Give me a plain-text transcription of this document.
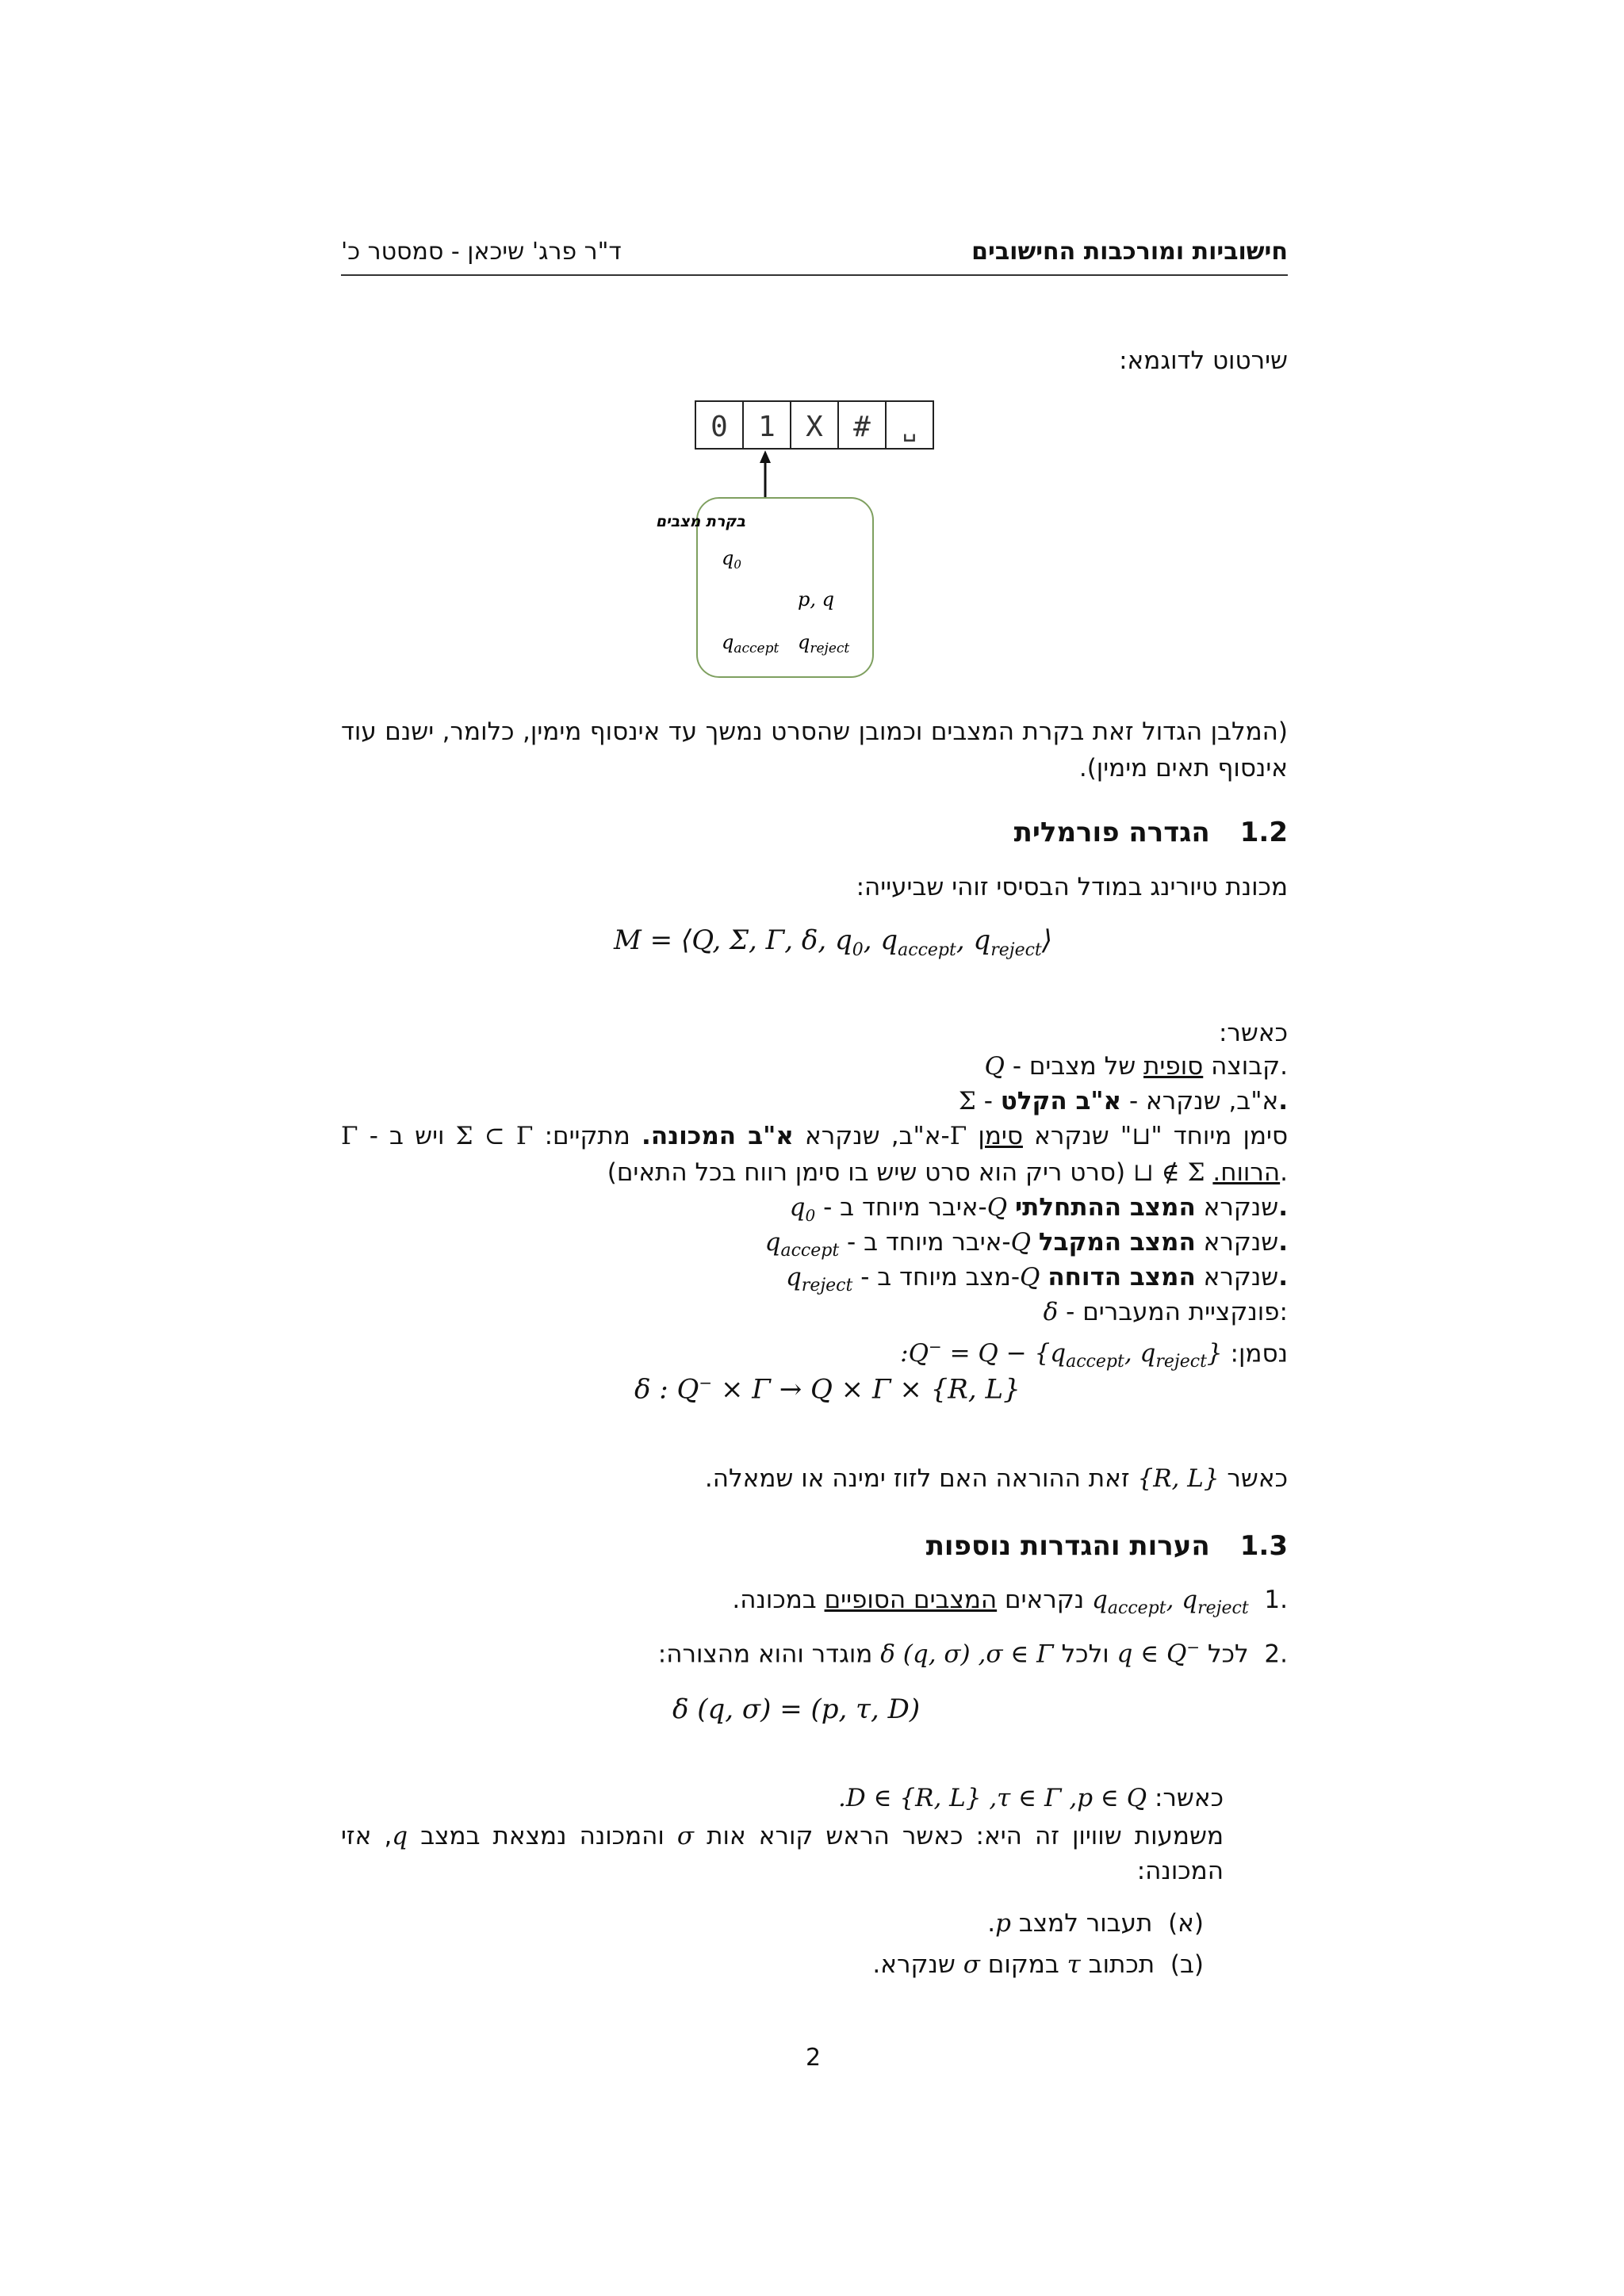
חישוביות ומורכבות החישובים
ד"ר פרג' שיכאן - סמסטר כ'
שירטוט לדוגמא:
0 1 X # ␣
בקרת מצבים
$q_0$
p, q
$q_{accept}$ $q_{reject}$
(המלבן הגדול זאת בקרת המצבים וכמובן שהסרט נמשך עד אינסוף מימין, כלומר, ישנם עוד אינסוף תאים מימין).
1.2הגדרה פורמלית
מכונת טיורינג במודל הבסיסי זוהי שביעייה:
M = ⟨Q, Σ, Γ, δ, $q_0$, $q_{accept}$, $q_{reject}⟩$
כאשר:
Q - קבוצה סופית של מצבים.
Σ - א"ב, שנקרא - א"ב הקלט.
Γ - א"ב, שנקרא א"ב המכונה. מתקיים: Σ ⊂ Γ ויש ב-Γ	סימן מיוחד "⊔" שנקרא סימן הרווח. ⊔ ∉ Σ (סרט ריק הוא סרט שיש בו סימן רווח בכל התאים).
$q_0$ - איבר מיוחד ב-Q	שנקרא המצב ההתחלתי.
$q_{accept}$ - איבר מיוחד ב-Q	שנקרא המצב המקבל.
$q_{reject}$ - מצב מיוחד ב-Q	שנקרא המצב הדוחה.
δ - פונקציית המעברים:
נסמן: :Q− = $Q - \{q_{accept}$, $q_{reject}$}
δ : Q− × Γ → Q × Γ × {R, L}
כאשר {R, L} זאת ההוראה האם לזוז ימינה או שמאלה.
1.3הערות והגדרות נוספות
.1  $q_{accept}$, $q_{reject}$ נקראים המצבים הסופיים במכונה.
.2  לכל q ∈ Q− ולכל ,σ ∈ Γ δ (q, σ) מוגדר והוא מהצורה:
δ (q, σ) = (p, τ, D)
כאשר: .D ∈ {R, L} ,τ ∈ Γ ,p ∈ Q
משמעות שוויון זה היא: כאשר הראש קורא אות σ והמכונה נמצאת במצב q, אזי המכונה:
(א)  תעבור למצב p.
(ב)  תכתוב τ במקום σ שנקרא.
2
